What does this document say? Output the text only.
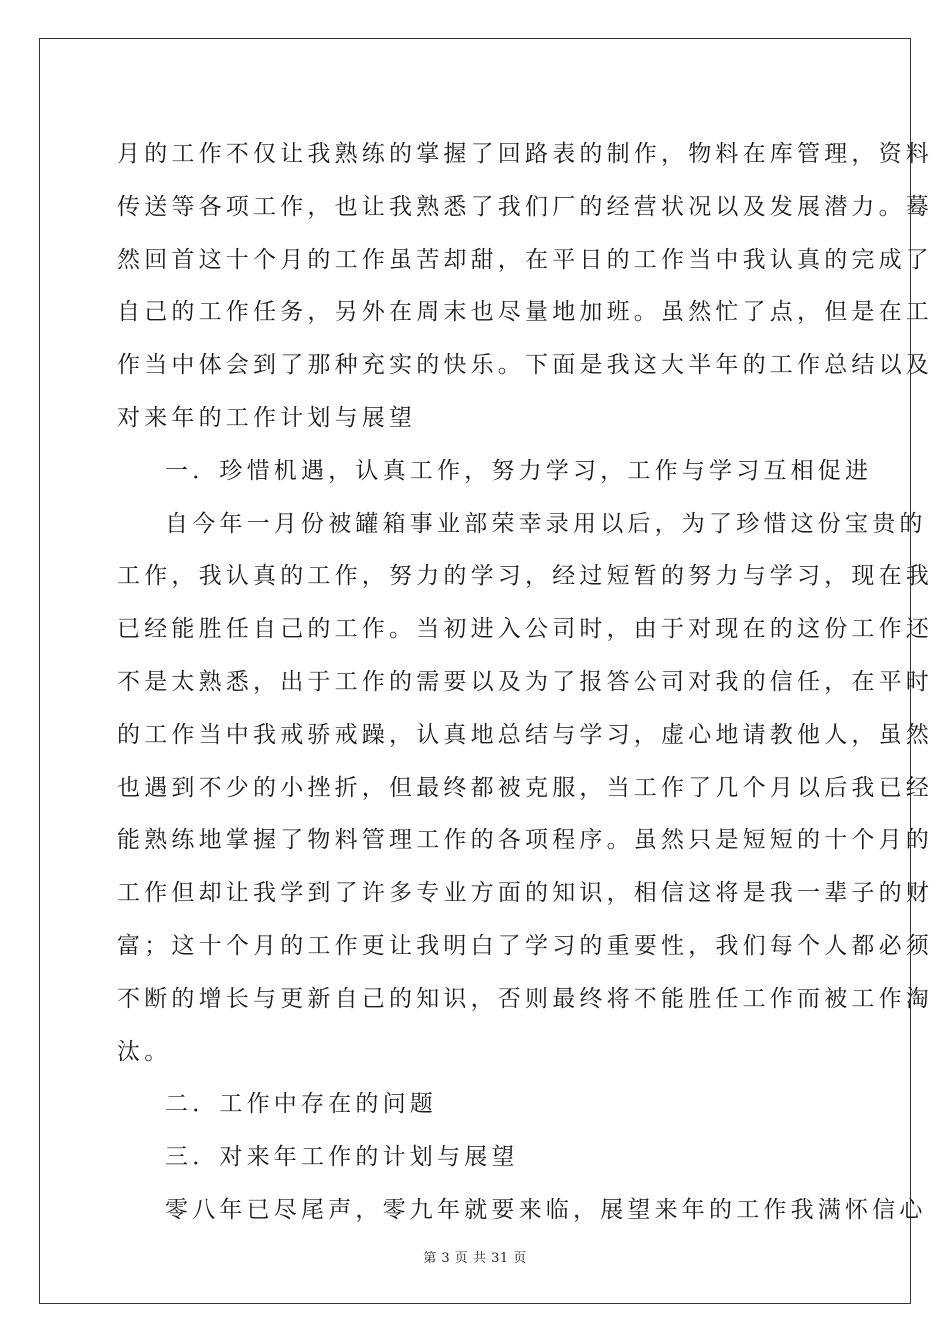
月的工作不仅让我熟练的掌握了回路表的制作，物料在库管理，资料
传送等各项工作，也让我熟悉了我们厂的经营状况以及发展潜力。蓦
然回首这十个月的工作虽苦却甜，在平日的工作当中我认真的完成了
自己的工作任务，另外在周末也尽量地加班。虽然忙了点，但是在工
作当中体会到了那种充实的快乐。下面是我这大半年的工作总结以及
对来年的工作计划与展望
一．珍惜机遇，认真工作，努力学习，工作与学习互相促进
自今年一月份被罐箱事业部荣幸录用以后，为了珍惜这份宝贵的
工作，我认真的工作，努力的学习，经过短暂的努力与学习，现在我
已经能胜任自己的工作。当初进入公司时，由于对现在的这份工作还
不是太熟悉，出于工作的需要以及为了报答公司对我的信任，在平时
的工作当中我戒骄戒躁，认真地总结与学习，虚心地请教他人，虽然
也遇到不少的小挫折，但最终都被克服，当工作了几个月以后我已经
能熟练地掌握了物料管理工作的各项程序。虽然只是短短的十个月的
工作但却让我学到了许多专业方面的知识，相信这将是我一辈子的财
富；这十个月的工作更让我明白了学习的重要性，我们每个人都必须
不断的增长与更新自己的知识，否则最终将不能胜任工作而被工作淘
汰。
二．工作中存在的问题
三．对来年工作的计划与展望
零八年已尽尾声，零九年就要来临，展望来年的工作我满怀信心
第 3 页 共 31 页
